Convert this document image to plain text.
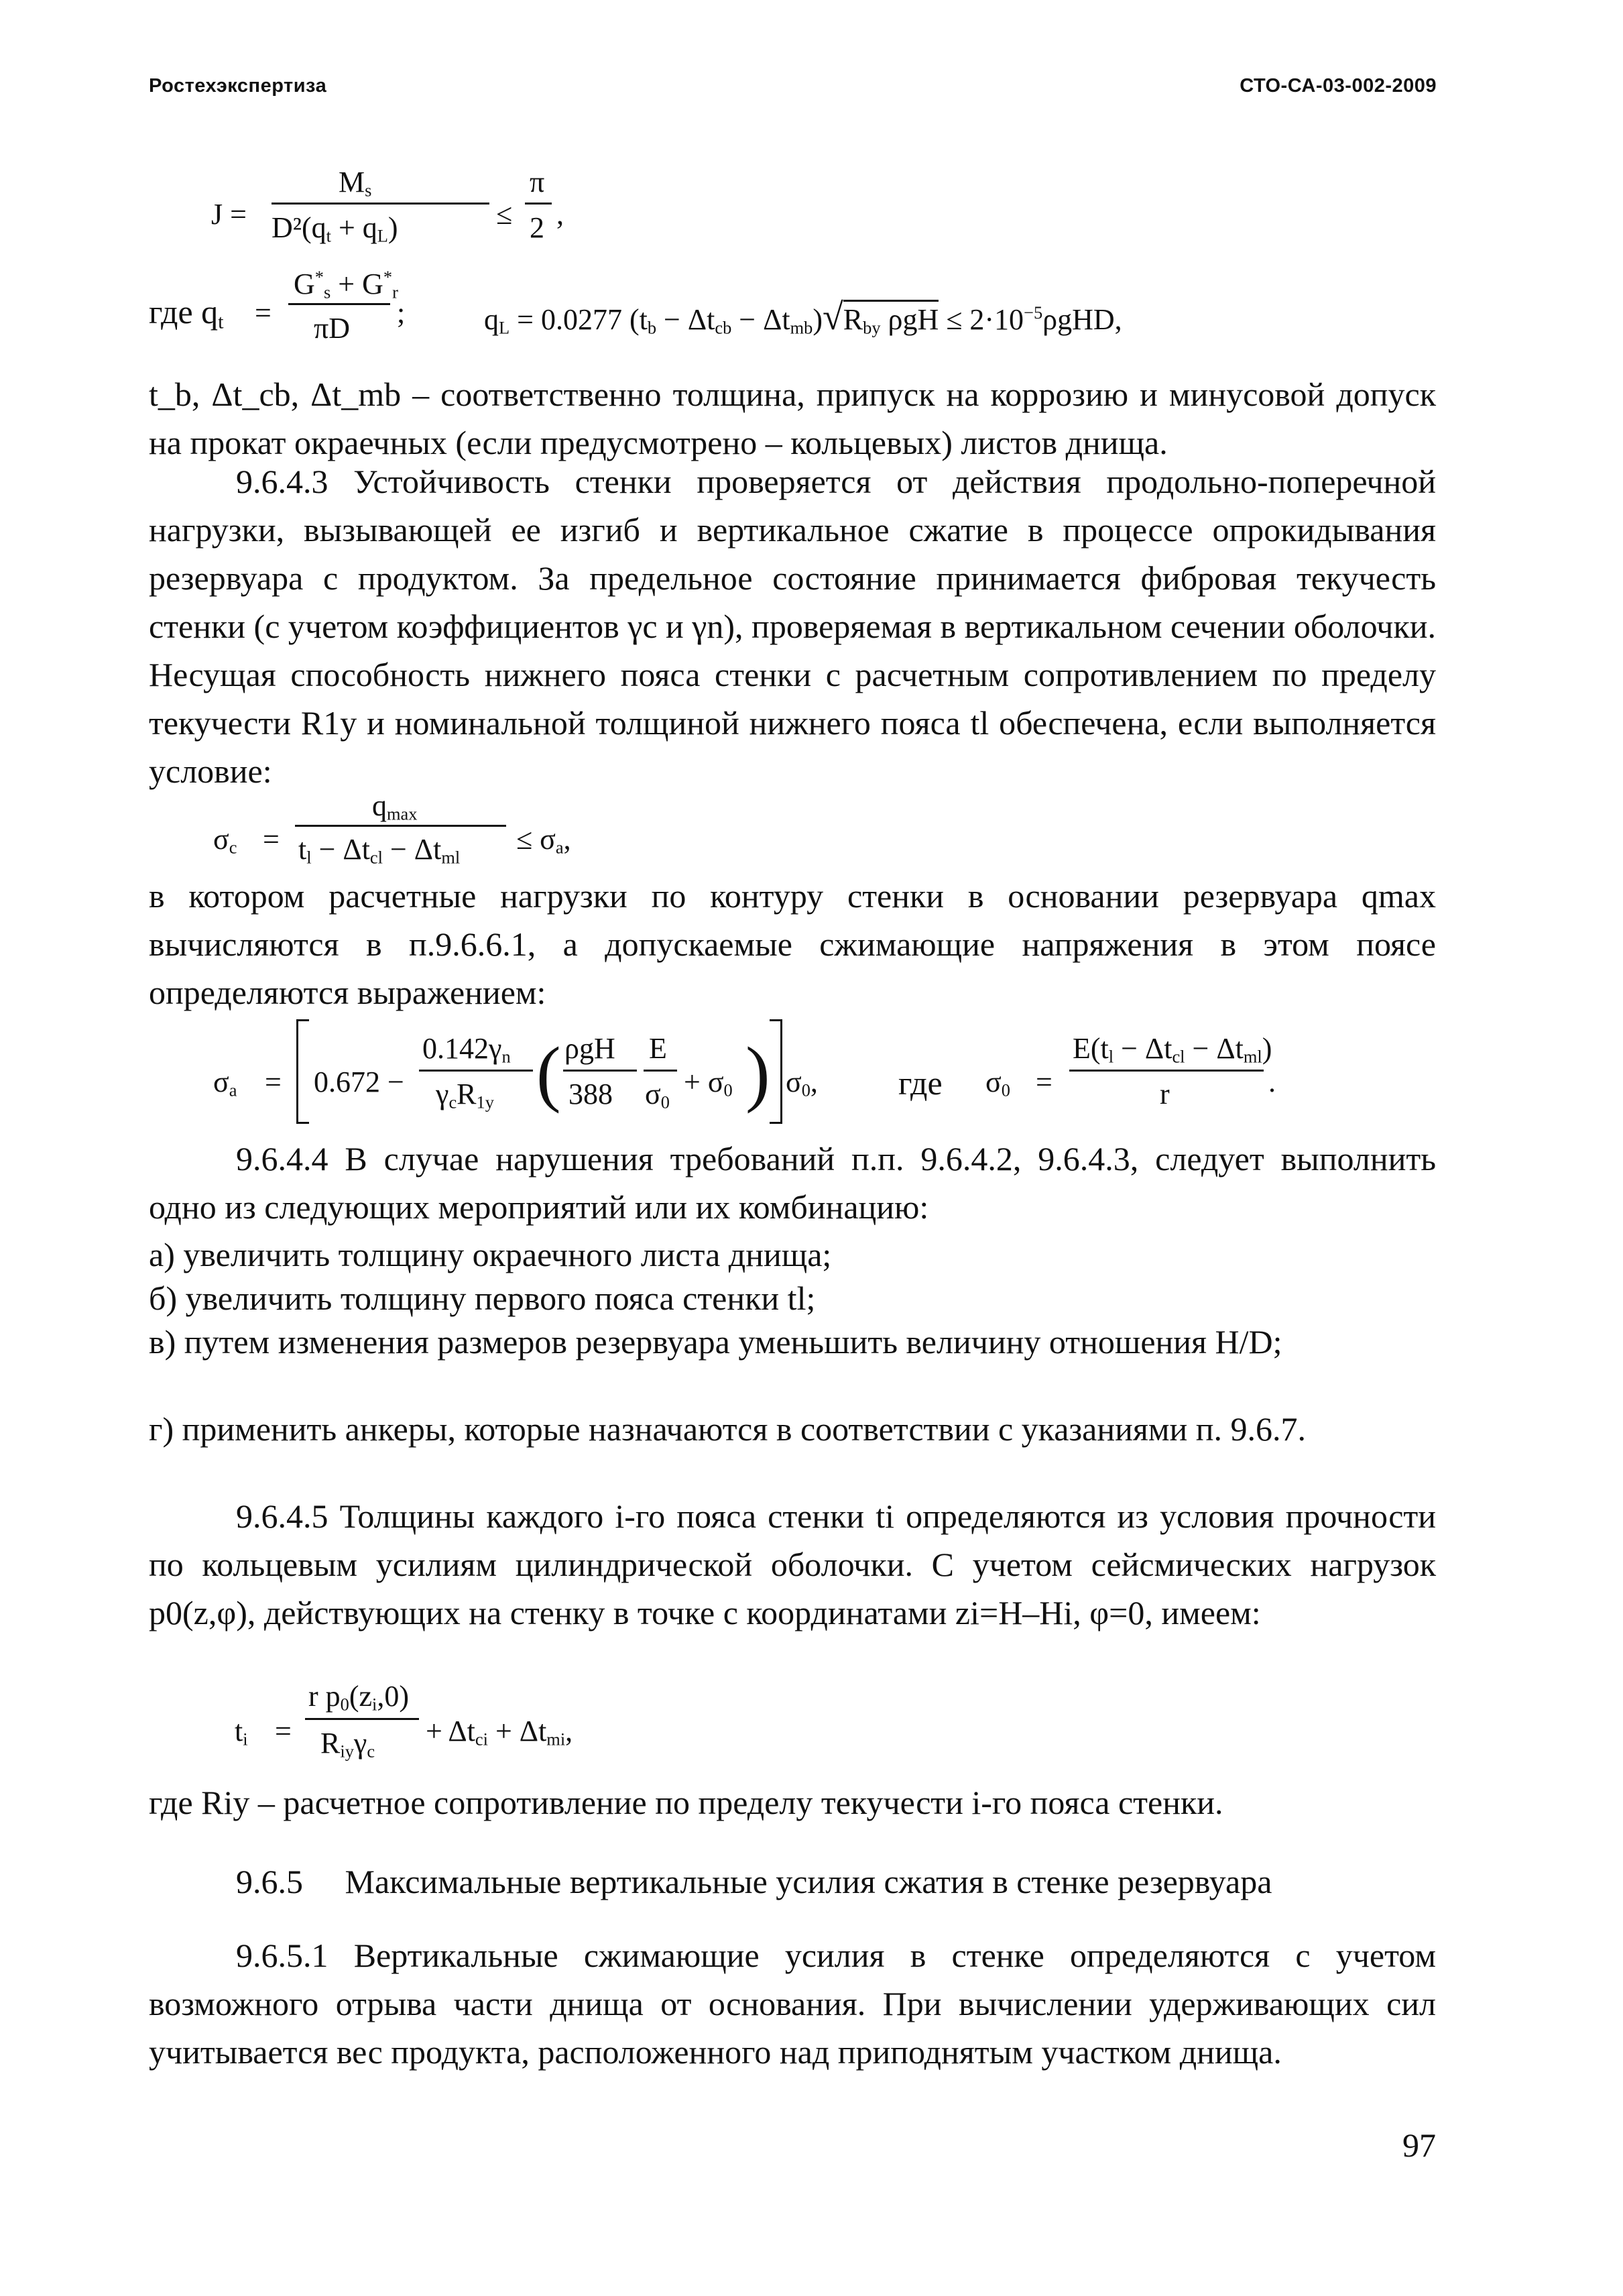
Ростехэкспертиза	СТО-СА-03-002-2009
J =
$M_s$
$D^2(q_t + q_L)$	≤
π
2 ,
где $q_t$ =
$G^*_s + G^*_r$
πD ;	$q_L = 0.0277$ $(t_b - \Delta t_{cb} - \Delta t_{mb})√R_{by}$ $\rho gH \le 2\cdot 10^{-5}\rho gHD$,
t_b, Δt_cb, Δt_mb – соответственно толщина, припуск на коррозию и минусовой допуск на прокат окраечных (если предусмотрено – кольцевых) листов днища.
9.6.4.3 Устойчивость стенки проверяется от действия продольно-поперечной нагрузки, вызывающей ее изгиб и вертикальное сжатие в процессе опрокидывания резервуара с продуктом. За предельное состояние принимается фибровая текучесть стенки (с учетом коэффициентов γc и γn), проверяемая в вертикальном сечении оболочки. Несущая способность нижнего пояса стенки с расчетным сопротивлением по пределу текучести R1y и номинальной толщиной нижнего пояса tl обеспечена, если выполняется условие:
$\sigma_c$ =
$q_{max}$
$t_l - \Delta t_{cl} - \Delta t_{ml}$
≤ $\sigma_a$,
в котором расчетные нагрузки по контуру стенки в основании резервуара qmax вычисляются в п.9.6.6.1, а допускаемые сжимающие напряжения в этом поясе определяются выражением:
$\sigma_a = 0.672$ −
$0.142\gamma_n$
$\gamma_cR_{1y}$ ( ρgH
388
E
$\sigma_0$
+ $\sigma_0$ ) $\sigma_0$, где $\sigma_0$ =
$E(t_l - \Delta t_{cl} - \Delta t_{ml})$
r	.
9.6.4.4 В случае нарушения требований п.п. 9.6.4.2, 9.6.4.3, следует выполнить одно из следующих мероприятий или их комбинацию:
а) увеличить толщину окраечного листа днища;
б) увеличить толщину первого пояса стенки tl;
в) путем изменения размеров резервуара уменьшить величину отношения H/D;
г) применить анкеры, которые назначаются в соответствии с указаниями п. 9.6.7.
9.6.4.5 Толщины каждого i-го пояса стенки ti определяются из условия прочности по кольцевым усилиям цилиндрической оболочки. С учетом сейсмических нагрузок p0(z,φ), действующих на стенку в точке с координатами zi=H–Hi, φ=0, имеем:
$t_i$ =
r $p_0(z_i,0)$
$R_{iy}\gamma_c$
+ $\Delta t_{ci} + \Delta t_{mi}$,
где Riy – расчетное сопротивление по пределу текучести i-го пояса стенки.
9.6.5     Максимальные вертикальные усилия сжатия в стенке резервуара
9.6.5.1 Вертикальные сжимающие усилия в стенке определяются с учетом возможного отрыва части днища от основания. При вычислении удерживающих сил учитывается вес продукта, расположенного над приподнятым участком днища.
97
